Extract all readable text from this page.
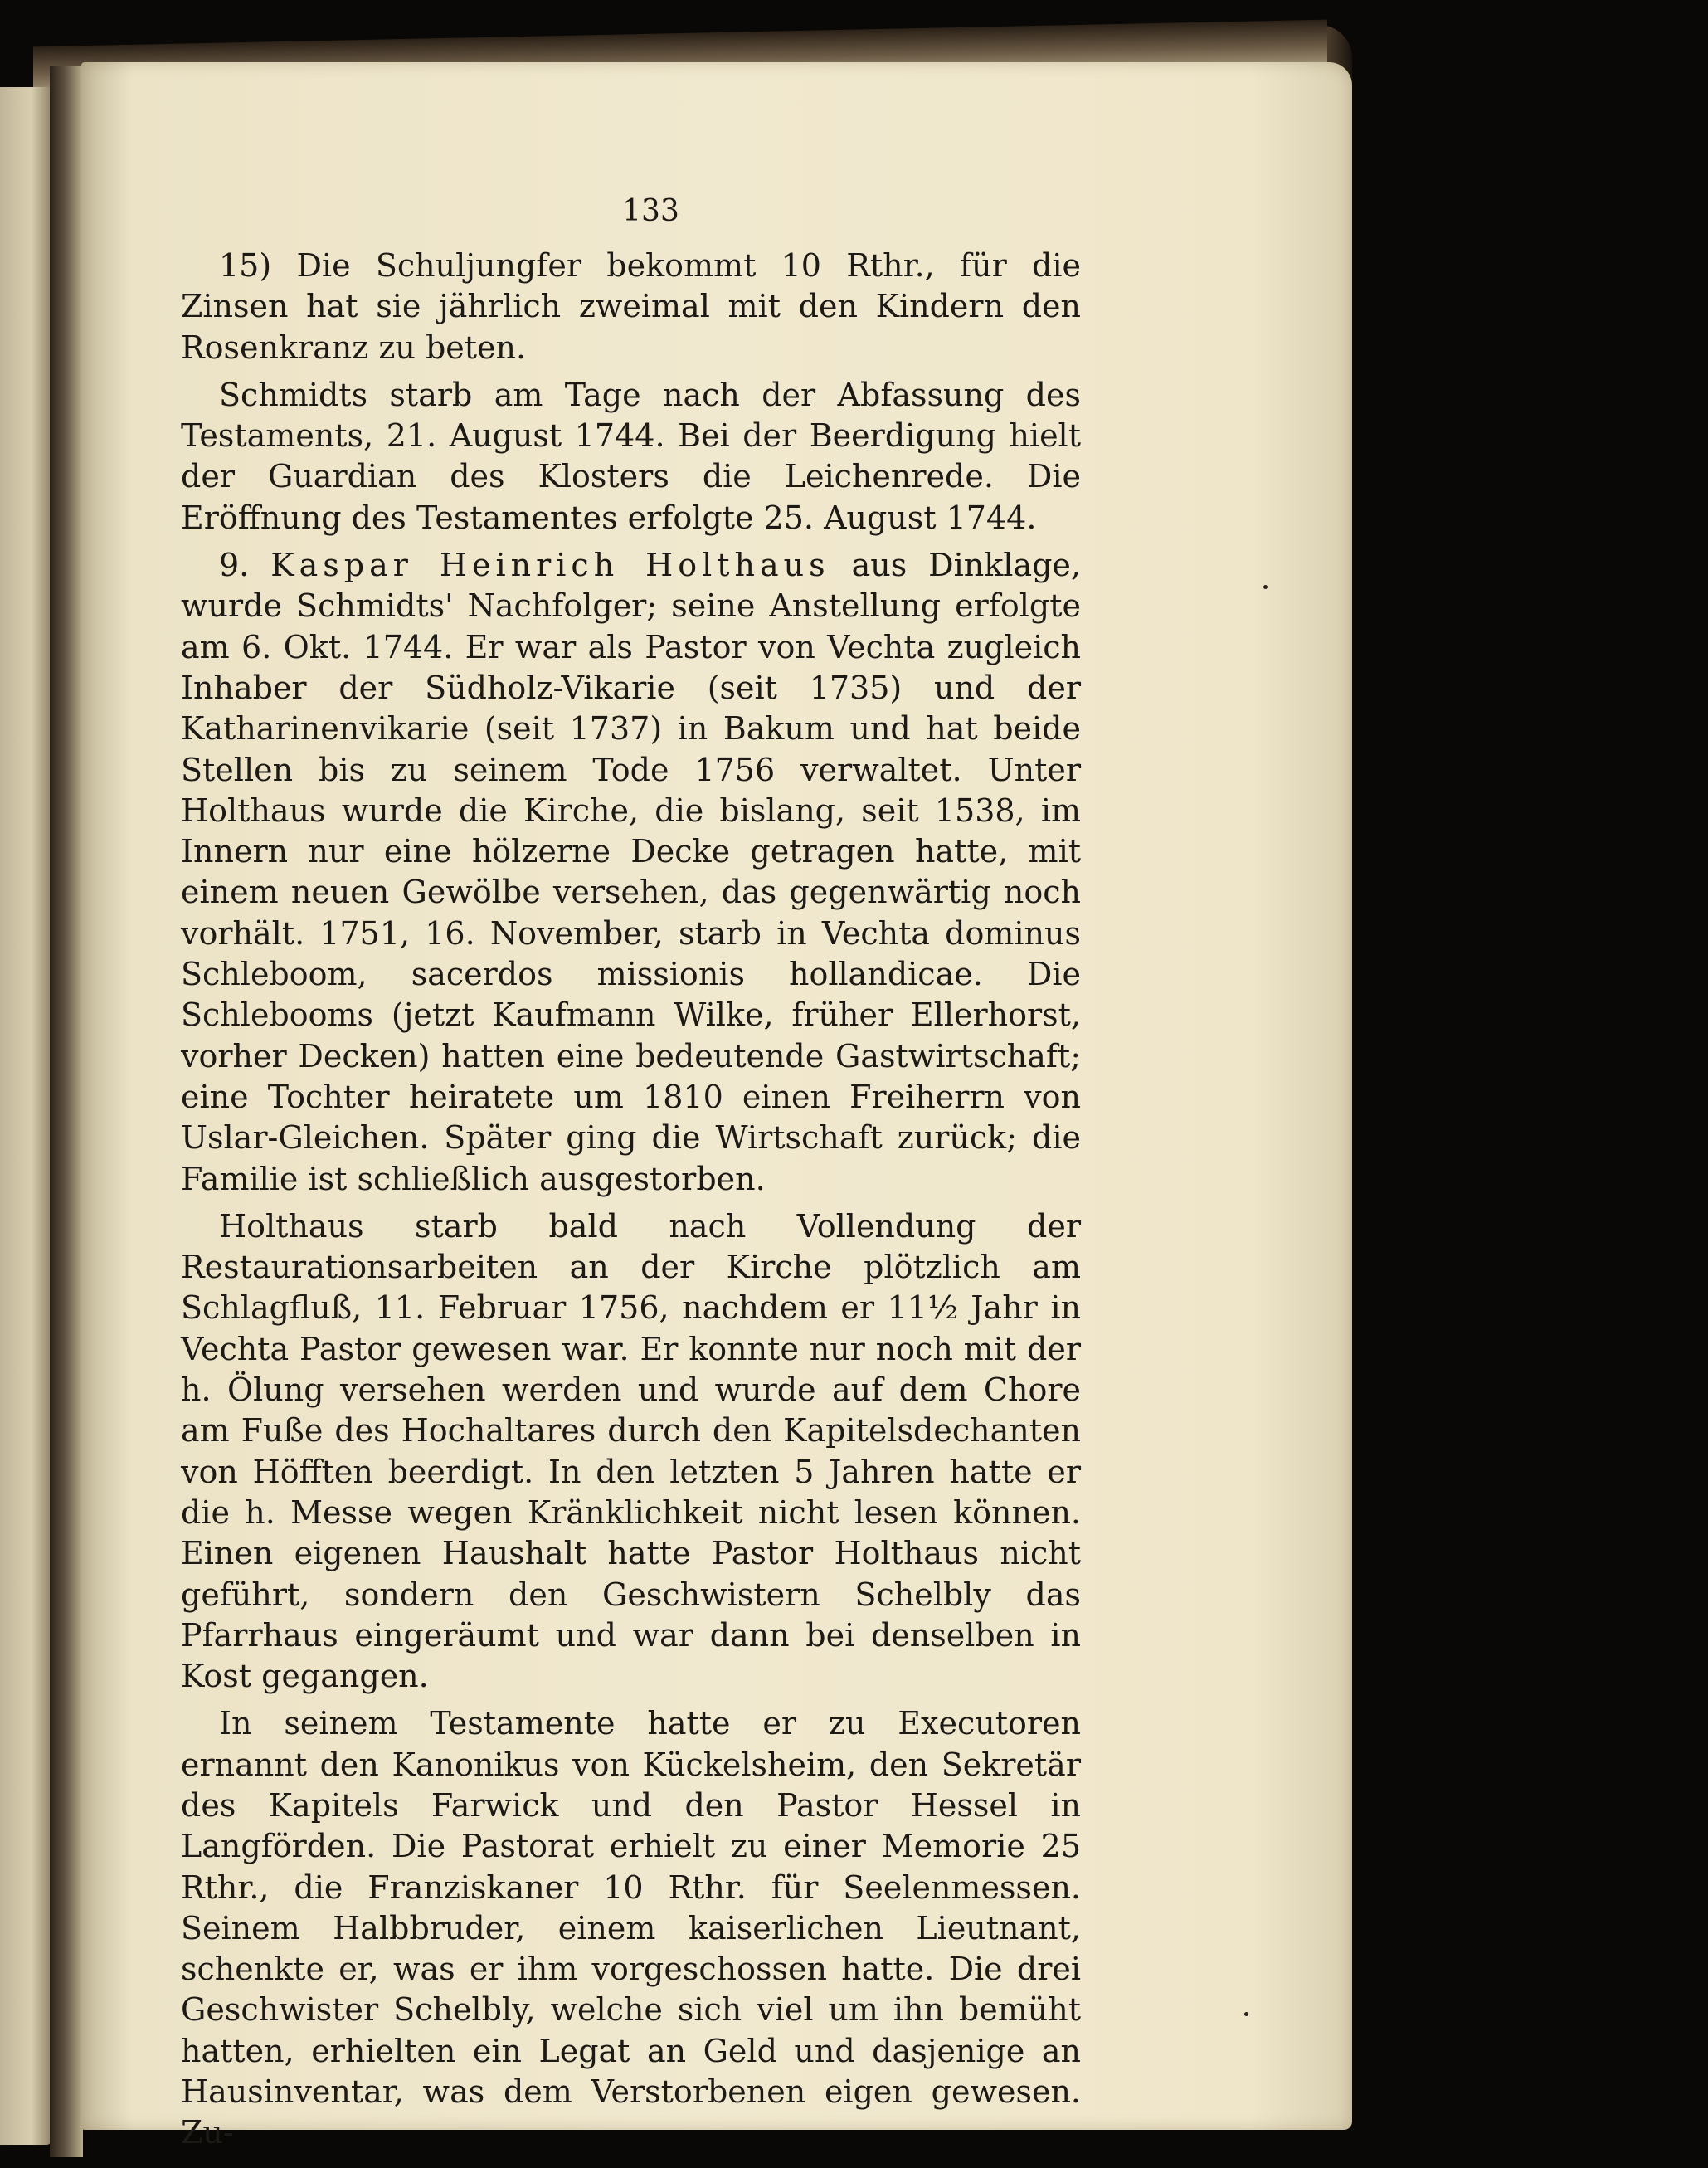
133

15) Die Schuljungfer bekommt 10 Rthr., für die Zinsen hat sie jährlich zweimal mit den Kindern den Rosenkranz zu beten.

Schmidts starb am Tage nach der Abfassung des Testaments, 21. August 1744. Bei der Beerdigung hielt der Guardian des Klosters die Leichenrede. Die Eröffnung des Testamentes erfolgte 25. August 1744.

9. Kaspar Heinrich Holthaus aus Dinklage, wurde Schmidts' Nachfolger; seine Anstellung erfolgte am 6. Okt. 1744. Er war als Pastor von Vechta zugleich Inhaber der Südholz-Vikarie (seit 1735) und der Katharinenvikarie (seit 1737) in Bakum und hat beide Stellen bis zu seinem Tode 1756 verwaltet. Unter Holthaus wurde die Kirche, die bislang, seit 1538, im Innern nur eine hölzerne Decke getragen hatte, mit einem neuen Gewölbe versehen, das gegenwärtig noch vorhält. 1751, 16. November, starb in Vechta dominus Schleboom, sacerdos missionis hollandicae. Die Schlebooms (jetzt Kaufmann Wilke, früher Ellerhorst, vorher Decken) hatten eine bedeutende Gastwirtschaft; eine Tochter heiratete um 1810 einen Freiherrn von Uslar-Gleichen. Später ging die Wirtschaft zurück; die Familie ist schließlich ausgestorben.

Holthaus starb bald nach Vollendung der Restaurationsarbeiten an der Kirche plötzlich am Schlagfluß, 11. Februar 1756, nachdem er 11½ Jahr in Vechta Pastor gewesen war. Er konnte nur noch mit der h. Ölung versehen werden und wurde auf dem Chore am Fuße des Hochaltares durch den Kapitelsdechanten von Höfften beerdigt. In den letzten 5 Jahren hatte er die h. Messe wegen Kränklichkeit nicht lesen können. Einen eigenen Haushalt hatte Pastor Holthaus nicht geführt, sondern den Geschwistern Schelbly das Pfarrhaus eingeräumt und war dann bei denselben in Kost gegangen.

In seinem Testamente hatte er zu Executoren ernannt den Kanonikus von Kückelsheim, den Sekretär des Kapitels Farwick und den Pastor Hessel in Langförden. Die Pastorat erhielt zu einer Memorie 25 Rthr., die Franziskaner 10 Rthr. für Seelenmessen. Seinem Halbbruder, einem kaiserlichen Lieutnant, schenkte er, was er ihm vorgeschossen hatte. Die drei Geschwister Schelbly, welche sich viel um ihn bemüht hatten, erhielten ein Legat an Geld und dasjenige an Hausinventar, was dem Verstorbenen eigen gewesen. Zu-
